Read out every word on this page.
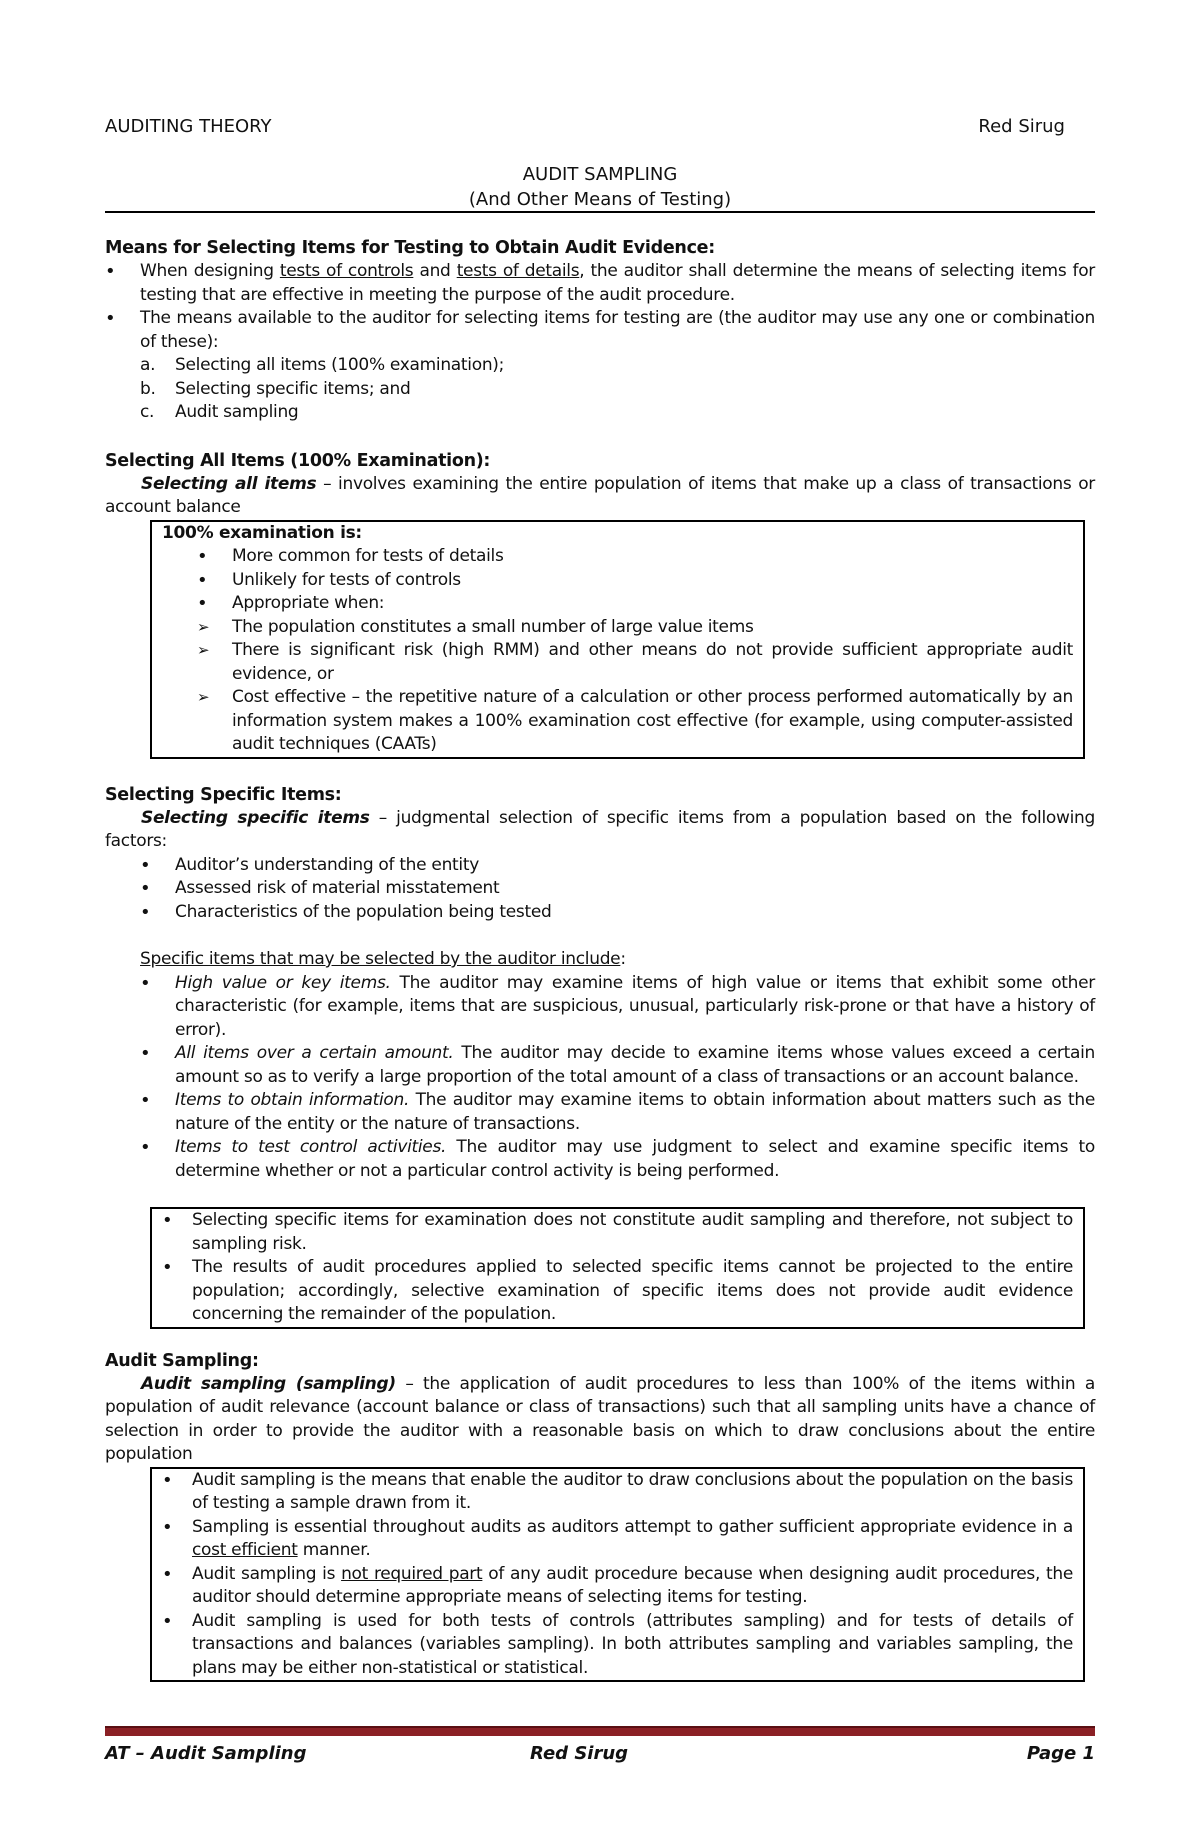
AUDITING THEORY	Red Sirug
AUDIT SAMPLING
(And Other Means of Testing)
Means for Selecting Items for Testing to Obtain Audit Evidence:
• When designing tests of controls and tests of details, the auditor shall determine the means of selecting items for testing that are effective in meeting the purpose of the audit procedure.
• The means available to the auditor for selecting items for testing are (the auditor may use any one or combination of these):
a. Selecting all items (100% examination);
b. Selecting specific items; and
c. Audit sampling
Selecting All Items (100% Examination):
Selecting all items – involves examining the entire population of items that make up a class of transactions or account balance
100% examination is:
• More common for tests of details
• Unlikely for tests of controls
• Appropriate when:
➢ The population constitutes a small number of large value items
➢ There is significant risk (high RMM) and other means do not provide sufficient appropriate audit evidence, or
➢ Cost effective – the repetitive nature of a calculation or other process performed automatically by an information system makes a 100% examination cost effective (for example, using computer-assisted audit techniques (CAATs)
Selecting Specific Items:
Selecting specific items – judgmental selection of specific items from a population based on the following factors:
• Auditor’s understanding of the entity
• Assessed risk of material misstatement
• Characteristics of the population being tested
Specific items that may be selected by the auditor include:
• High value or key items. The auditor may examine items of high value or items that exhibit some other characteristic (for example, items that are suspicious, unusual, particularly risk-prone or that have a history of error).
• All items over a certain amount. The auditor may decide to examine items whose values exceed a certain amount so as to verify a large proportion of the total amount of a class of transactions or an account balance.
• Items to obtain information. The auditor may examine items to obtain information about matters such as the nature of the entity or the nature of transactions.
• Items to test control activities. The auditor may use judgment to select and examine specific items to determine whether or not a particular control activity is being performed.
• Selecting specific items for examination does not constitute audit sampling and therefore, not subject to sampling risk.
• The results of audit procedures applied to selected specific items cannot be projected to the entire population; accordingly, selective examination of specific items does not provide audit evidence concerning the remainder of the population.
Audit Sampling:
Audit sampling (sampling) – the application of audit procedures to less than 100% of the items within a population of audit relevance (account balance or class of transactions) such that all sampling units have a chance of selection in order to provide the auditor with a reasonable basis on which to draw conclusions about the entire population
• Audit sampling is the means that enable the auditor to draw conclusions about the population on the basis of testing a sample drawn from it.
• Sampling is essential throughout audits as auditors attempt to gather sufficient appropriate evidence in a cost efficient manner.
• Audit sampling is not required part of any audit procedure because when designing audit procedures, the auditor should determine appropriate means of selecting items for testing.
• Audit sampling is used for both tests of controls (attributes sampling) and for tests of details of transactions and balances (variables sampling). In both attributes sampling and variables sampling, the plans may be either non-statistical or statistical.
AT – Audit Sampling	Red Sirug	Page 1
